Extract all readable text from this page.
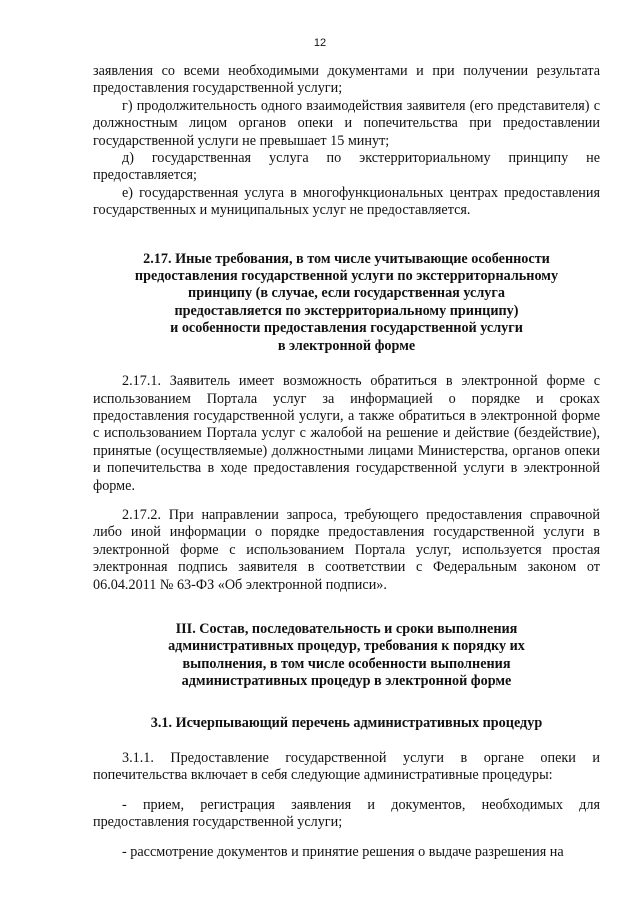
12

заявления со всеми необходимыми документами и при получении результата предоставления государственной услуги;

г) продолжительность одного взаимодействия заявителя (его представителя) с должностным лицом органов опеки и попечительства при предоставлении государственной услуги не превышает 15 минут;

д) государственная услуга по экстерриториальному принципу не предоставляется;

е) государственная услуга в многофункциональных центрах предоставления государственных и муниципальных услуг не предоставляется.

2.17. Иные требования, в том числе учитывающие особенности
предоставления государственной услуги по экстерриторнальному
принципу (в случае, если государственная услуга
предоставляется по экстерриториальному принципу)
и особенности предоставления государственной услуги
в электронной форме

2.17.1. Заявитель имеет возможность обратиться в электронной форме с использованием Портала услуг за информацией о порядке и сроках предоставления государственной услуги, а также обратиться в электронной форме с использованием Портала услуг с жалобой на решение и действие (бездействие), принятые (осуществляемые) должностными лицами Министерства, органов опеки и попечительства в ходе предоставления государственной услуги в электронной форме.

2.17.2. При направлении запроса, требующего предоставления справочной либо иной информации о порядке предоставления государственной услуги в электронной форме с использованием Портала услуг, используется простая электронная подпись заявителя в соответствии с Федеральным законом от 06.04.2011 № 63-ФЗ «Об электронной подписи».

III. Состав, последовательность и сроки выполнения
административных процедур, требования к порядку их
выполнения, в том числе особенности выполнения
административных процедур в электронной форме
3.1. Исчерпывающий перечень административных процедур

3.1.1. Предоставление государственной услуги в органе опеки и попечительства включает в себя следующие административные процедуры:

- прием, регистрация заявления и документов, необходимых для предоставления государственной услуги;

- рассмотрение документов и принятие решения о выдаче разрешения на
